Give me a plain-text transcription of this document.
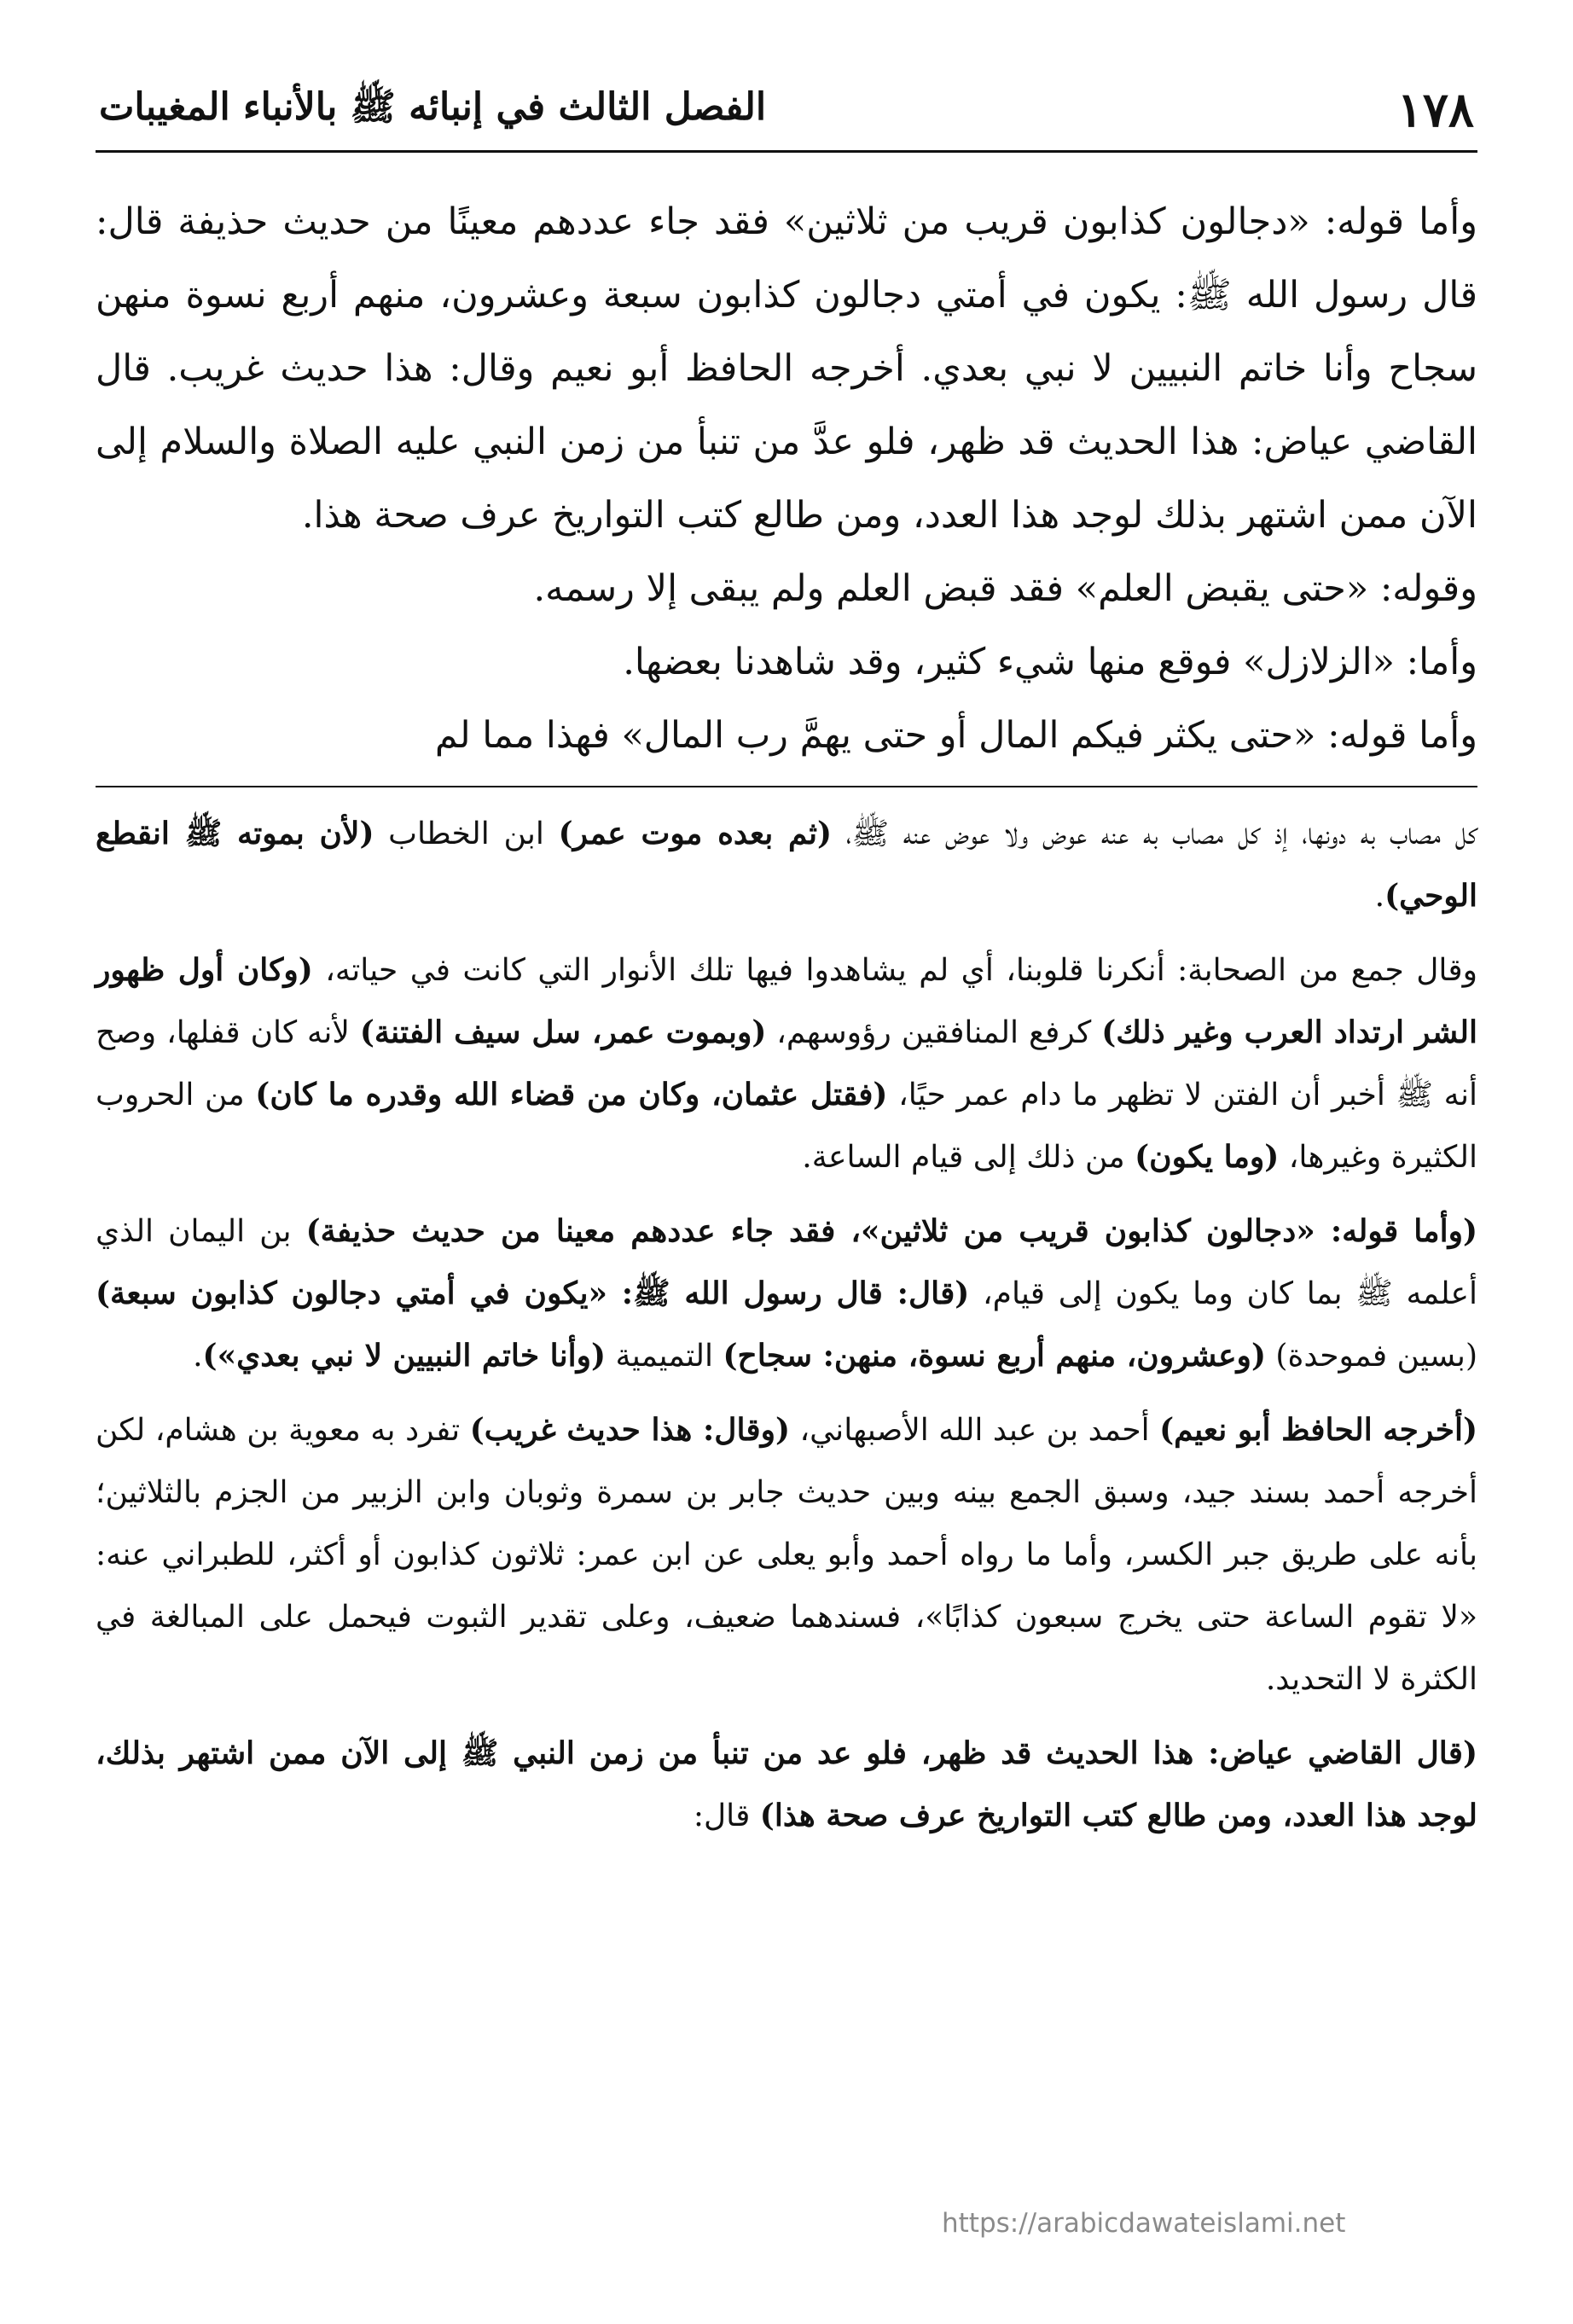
١٧٨
الفصل الثالث في إنبائه ﷺ بالأنباء المغيبات

وأما قوله: «دجالون كذابون قريب من ثلاثين» فقد جاء عددهم معينًا من حديث حذيفة قال: قال رسول الله ﷺ: يكون في أمتي دجالون كذابون سبعة وعشرون، منهم أربع نسوة منهن سجاح وأنا خاتم النبيين لا نبي بعدي. أخرجه الحافظ أبو نعيم وقال: هذا حديث غريب. قال القاضي عياض: هذا الحديث قد ظهر، فلو عدَّ من تنبأ من زمن النبي عليه الصلاة والسلام إلى الآن ممن اشتهر بذلك لوجد هذا العدد، ومن طالع كتب التواريخ عرف صحة هذا.

وقوله: «حتى يقبض العلم» فقد قبض العلم ولم يبقى إلا رسمه.

وأما: «الزلازل» فوقع منها شيء كثير، وقد شاهدنا بعضها.

وأما قوله: «حتى يكثر فيكم المال أو حتى يهمَّ رب المال» فهذا مما لم

كل مصاب به دونها، إذ كل مصاب به عنه عوض ولا عوض عنه ﷺ، (ثم بعده موت عمر) ابن الخطاب (لأن بموته ﷺ انقطع الوحي).

وقال جمع من الصحابة: أنكرنا قلوبنا، أي لم يشاهدوا فيها تلك الأنوار التي كانت في حياته، (وكان أول ظهور الشر ارتداد العرب وغير ذلك) كرفع المنافقين رؤوسهم، (وبموت عمر، سل سيف الفتنة) لأنه كان قفلها، وصح أنه ﷺ أخبر أن الفتن لا تظهر ما دام عمر حيًا، (فقتل عثمان، وكان من قضاء الله وقدره ما كان) من الحروب الكثيرة وغيرها، (وما يكون) من ذلك إلى قيام الساعة.

(وأما قوله: «دجالون كذابون قريب من ثلاثين»، فقد جاء عددهم معينا من حديث حذيفة) بن اليمان الذي أعلمه ﷺ بما كان وما يكون إلى قيام، (قال: قال رسول الله ﷺ: «يكون في أمتي دجالون كذابون سبعة) (بسين فموحدة) (وعشرون، منهم أربع نسوة، منهن: سجاح) التميمية (وأنا خاتم النبيين لا نبي بعدي»).

(أخرجه الحافظ أبو نعيم) أحمد بن عبد الله الأصبهاني، (وقال: هذا حديث غريب) تفرد به معوية بن هشام، لكن أخرجه أحمد بسند جيد، وسبق الجمع بينه وبين حديث جابر بن سمرة وثوبان وابن الزبير من الجزم بالثلاثين؛ بأنه على طريق جبر الكسر، وأما ما رواه أحمد وأبو يعلى عن ابن عمر: ثلاثون كذابون أو أكثر، للطبراني عنه: «لا تقوم الساعة حتى يخرج سبعون كذابًا»، فسندهما ضعيف، وعلى تقدير الثبوت فيحمل على المبالغة في الكثرة لا التحديد.

(قال القاضي عياض: هذا الحديث قد ظهر، فلو عد من تنبأ من زمن النبي ﷺ إلى الآن ممن اشتهر بذلك، لوجد هذا العدد، ومن طالع كتب التواريخ عرف صحة هذا) قال:

https://arabicdawateislami.net
